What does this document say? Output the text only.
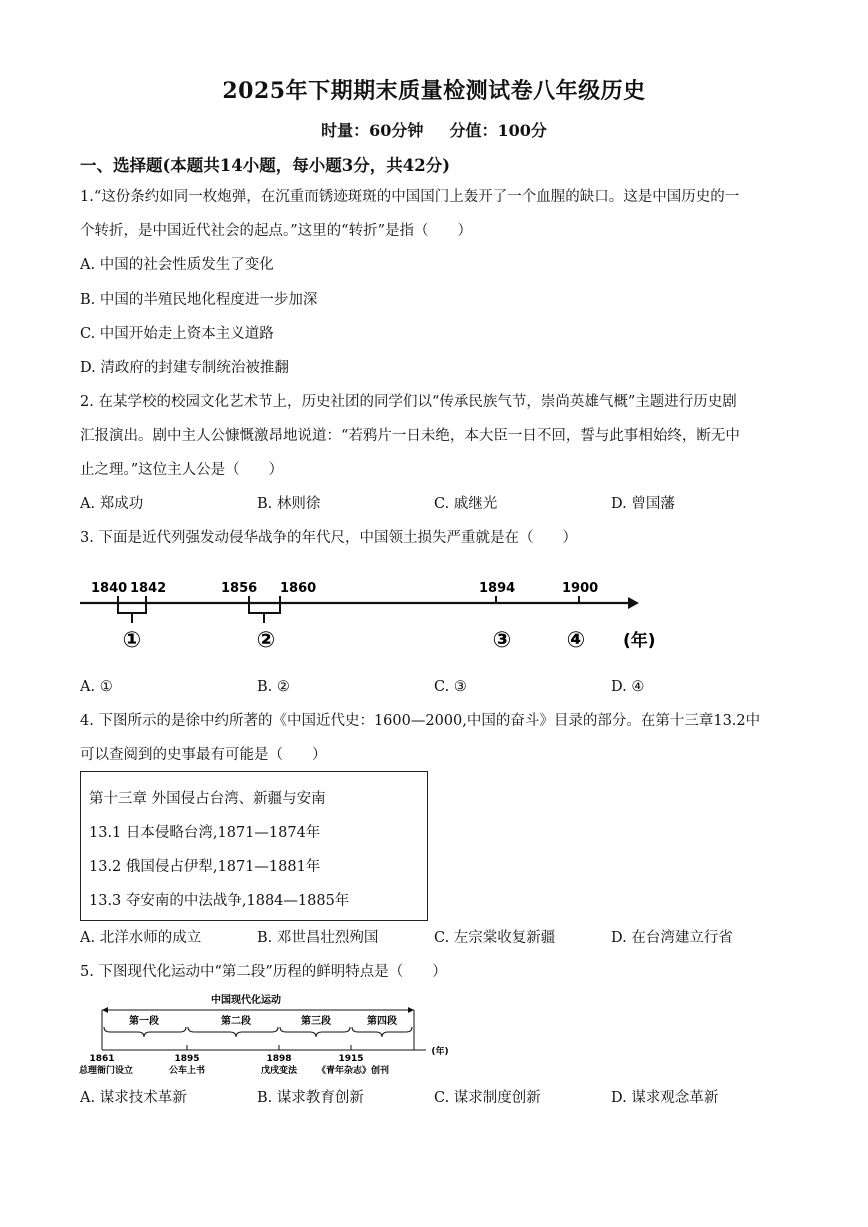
2025年下期期末质量检测试卷八年级历史
时量：60分钟 分值：100分
一、选择题(本题共14小题，每小题3分，共42分)
1.“这份条约如同一枚炮弹，在沉重而锈迹斑斑的中国国门上轰开了一个血腥的缺口。这是中国历史的一
个转折，是中国近代社会的起点。”这里的“转折”是指（　　）
A. 中国的社会性质发生了变化
B. 中国的半殖民地化程度进一步加深
C. 中国开始走上资本主义道路
D. 清政府的封建专制统治被推翻
2. 在某学校的校园文化艺术节上，历史社团的同学们以“传承民族气节，崇尚英雄气概”主题进行历史剧
汇报演出。剧中主人公慷慨激昂地说道：“若鸦片一日未绝，本大臣一日不回，誓与此事相始终，断无中
止之理。”这位主人公是（　　）
A. 郑成功	B. 林则徐	C. 戚继光	D. 曾国藩
3. 下面是近代列强发动侵华战争的年代尺，中国领土损失严重就是在（　　）
1840 1842	1856 1860	1894	1900
①	②	③	④ (年)
A. ①	B. ②	C. ③	D. ④
4. 下图所示的是徐中约所著的《中国近代史：1600—2000,中国的奋斗》目录的部分。在第十三章13.2中
可以查阅到的史事最有可能是（　　）
第十三章 外国侵占台湾、新疆与安南
13.1 日本侵略台湾,1871—1874年
13.2 俄国侵占伊犁,1871—1881年
13.3 夺安南的中法战争,1884—1885年
A. 北洋水师的成立	B. 邓世昌壮烈殉国	C. 左宗棠收复新疆	D. 在台湾建立行省
5. 下图现代化运动中“第二段”历程的鲜明特点是（　　）
中国现代化运动
第一段	第二段	第三段	第四段
1861	1895	1898	1915
(年)
总理衙门设立	公车上书	戊戌变法 《青年杂志》创刊
A. 谋求技术革新	B. 谋求教育创新	C. 谋求制度创新	D. 谋求观念革新
